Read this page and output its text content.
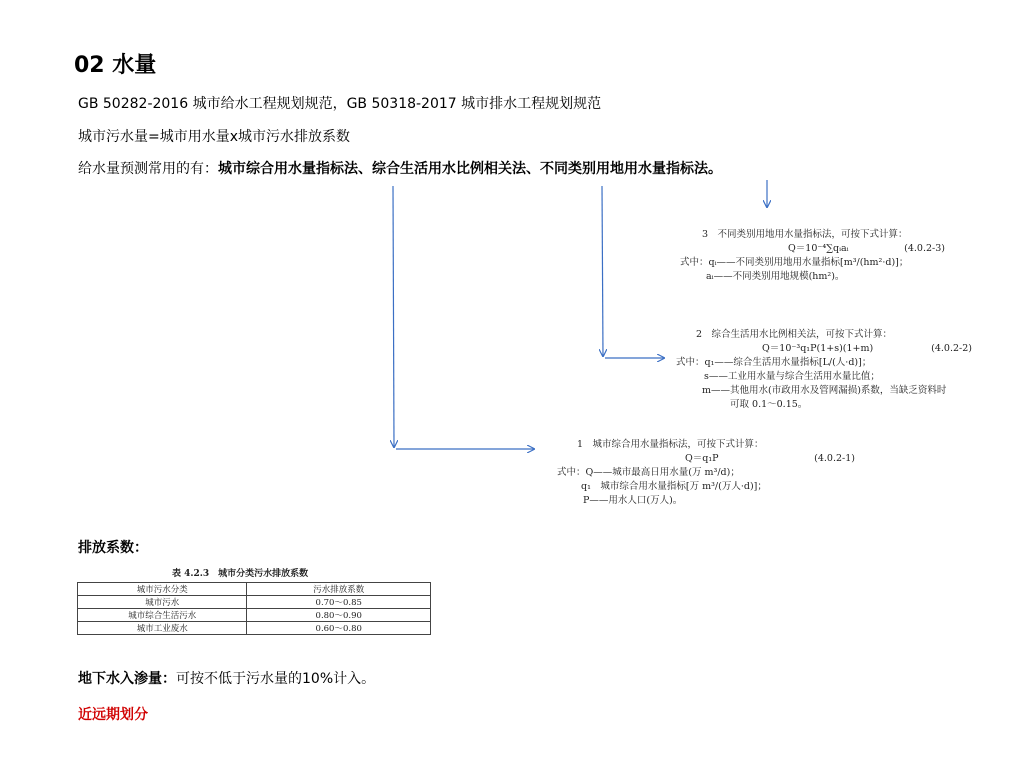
02 水量
GB 50282-2016 城市给水工程规划规范，GB 50318-2017 城市排水工程规划规范
城市污水量=城市用水量x城市污水排放系数
给水量预测常用的有：城市综合用水量指标法、综合生活用水比例相关法、不同类别用地用水量指标法。
3　不同类别用地用水量指标法，可按下式计算：
Q＝10⁻⁴∑qᵢaᵢ	(4.0.2-3)
式中：qᵢ——不同类别用地用水量指标[m³/(hm²·d)]；
aᵢ——不同类别用地规模(hm²)。
2　综合生活用水比例相关法，可按下式计算：
Q＝10⁻³q₁P(1+s)(1+m)	(4.0.2-2)
式中：q₁——综合生活用水量指标[L/(人·d)]；
s——工业用水量与综合生活用水量比值；
m——其他用水(市政用水及管网漏损)系数，当缺乏资料时
可取 0.1～0.15。
1　城市综合用水量指标法，可按下式计算：
Q＝q₁P	(4.0.2-1)
式中：Q——城市最高日用水量(万 m³/d)；
q₁　城市综合用水量指标[万 m³/(万人·d)]；
P——用水人口(万人)。
排放系数：
表 4.2.3　城市分类污水排放系数
城市污水分类	污水排放系数
城市污水	0.70～0.85
城市综合生活污水	0.80～0.90
城市工业废水	0.60～0.80
地下水入渗量：可按不低于污水量的10%计入。
近远期划分
